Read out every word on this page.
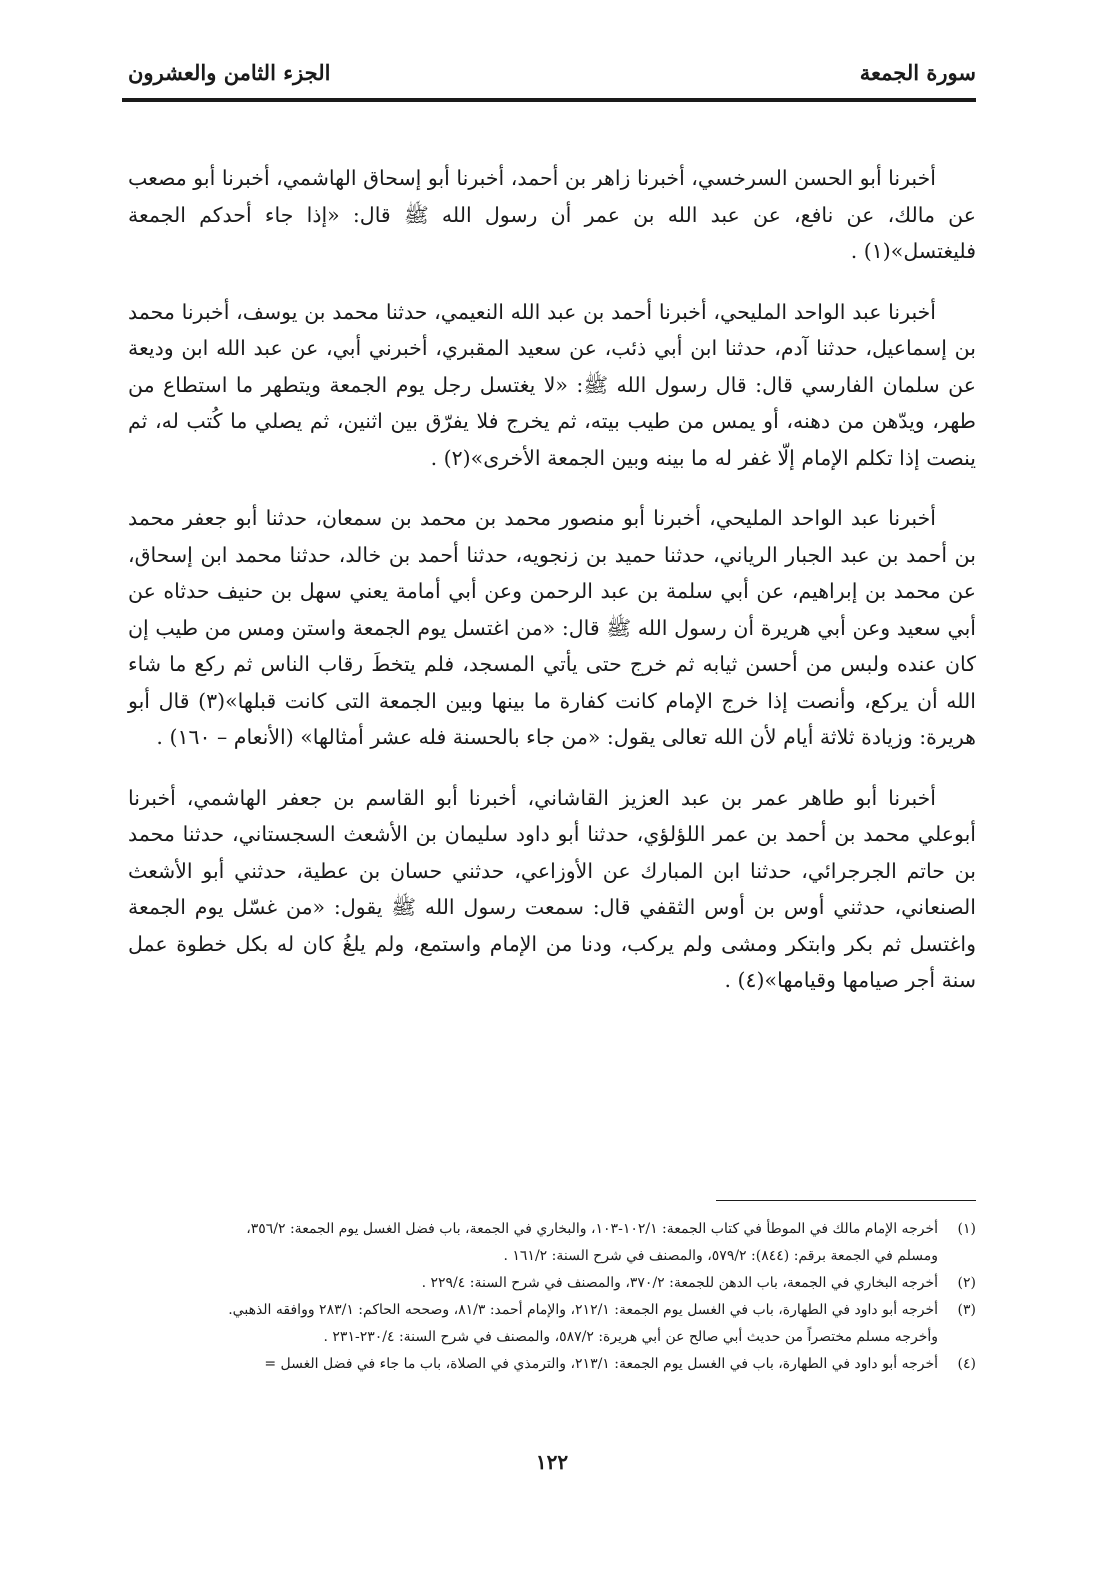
سورة الجمعة
الجزء الثامن والعشرون

أخبرنا أبو الحسن السرخسي، أخبرنا زاهر بن أحمد، أخبرنا أبو إسحاق الهاشمي، أخبرنا أبو مصعب عن مالك، عن نافع، عن عبد الله بن عمر أن رسول الله ﷺ قال: «إذا جاء أحدكم الجمعة فليغتسل»(١) .

أخبرنا عبد الواحد المليحي، أخبرنا أحمد بن عبد الله النعيمي، حدثنا محمد بن يوسف، أخبرنا محمد بن إسماعيل، حدثنا آدم، حدثنا ابن أبي ذئب، عن سعيد المقبري، أخبرني أبي، عن عبد الله ابن وديعة عن سلمان الفارسي قال: قال رسول الله ﷺ: «لا يغتسل رجل يوم الجمعة ويتطهر ما استطاع من طهر، ويدّهن من دهنه، أو يمس من طيب بيته، ثم يخرج فلا يفرّق بين اثنين، ثم يصلي ما كُتب له، ثم ينصت إذا تكلم الإمام إلّا غفر له ما بينه وبين الجمعة الأخرى»(٢) .

أخبرنا عبد الواحد المليحي، أخبرنا أبو منصور محمد بن محمد بن سمعان، حدثنا أبو جعفر محمد بن أحمد بن عبد الجبار الرياني، حدثنا حميد بن زنجويه، حدثنا أحمد بن خالد، حدثنا محمد ابن إسحاق، عن محمد بن إبراهيم، عن أبي سلمة بن عبد الرحمن وعن أبي أمامة يعني سهل بن حنيف حدثاه عن أبي سعيد وعن أبي هريرة أن رسول الله ﷺ قال: «من اغتسل يوم الجمعة واستن ومس من طيب إن كان عنده ولبس من أحسن ثيابه ثم خرج حتى يأتي المسجد، فلم يتخطَ رقاب الناس ثم ركع ما شاء الله أن يركع، وأنصت إذا خرج الإمام كانت كفارة ما بينها وبين الجمعة التى كانت قبلها»(٣) قال أبو هريرة: وزيادة ثلاثة أيام لأن الله تعالى يقول: «من جاء بالحسنة فله عشر أمثالها» (الأنعام – ١٦٠) .

أخبرنا أبو طاهر عمر بن عبد العزيز القاشاني، أخبرنا أبو القاسم بن جعفر الهاشمي، أخبرنا أبوعلي محمد بن أحمد بن عمر اللؤلؤي، حدثنا أبو داود سليمان بن الأشعث السجستاني، حدثنا محمد بن حاتم الجرجرائي، حدثنا ابن المبارك عن الأوزاعي، حدثني حسان بن عطية، حدثني أبو الأشعث الصنعاني، حدثني أوس بن أوس الثقفي قال: سمعت رسول الله ﷺ يقول: «من غسّل يوم الجمعة واغتسل ثم بكر وابتكر ومشى ولم يركب، ودنا من الإمام واستمع، ولم يلغُ كان له بكل خطوة عمل سنة أجر صيامها وقيامها»(٤) .

(١)
أخرجه الإمام مالك في الموطأ في كتاب الجمعة: ١٠٢/١-١٠٣، والبخاري في الجمعة، باب فضل الغسل يوم الجمعة: ٣٥٦/٢،
ومسلم في الجمعة برقم: (٨٤٤): ٥٧٩/٢، والمصنف في شرح السنة: ١٦١/٢ .
(٢)
أخرجه البخاري في الجمعة، باب الدهن للجمعة: ٣٧٠/٢، والمصنف في شرح السنة: ٢٢٩/٤ .
(٣)
أخرجه أبو داود في الطهارة، باب في الغسل يوم الجمعة: ٢١٢/١، والإمام أحمد: ٨١/٣، وصححه الحاكم: ٢٨٣/١ ووافقه الذهبي.
وأخرجه مسلم مختصراً من حديث أبي صالح عن أبي هريرة: ٥٨٧/٢، والمصنف في شرح السنة: ٢٣٠/٤-٢٣١ .
(٤)
أخرجه أبو داود في الطهارة، باب في الغسل يوم الجمعة: ٢١٣/١، والترمذي في الصلاة، باب ما جاء في فضل الغسل =
١٢٢
